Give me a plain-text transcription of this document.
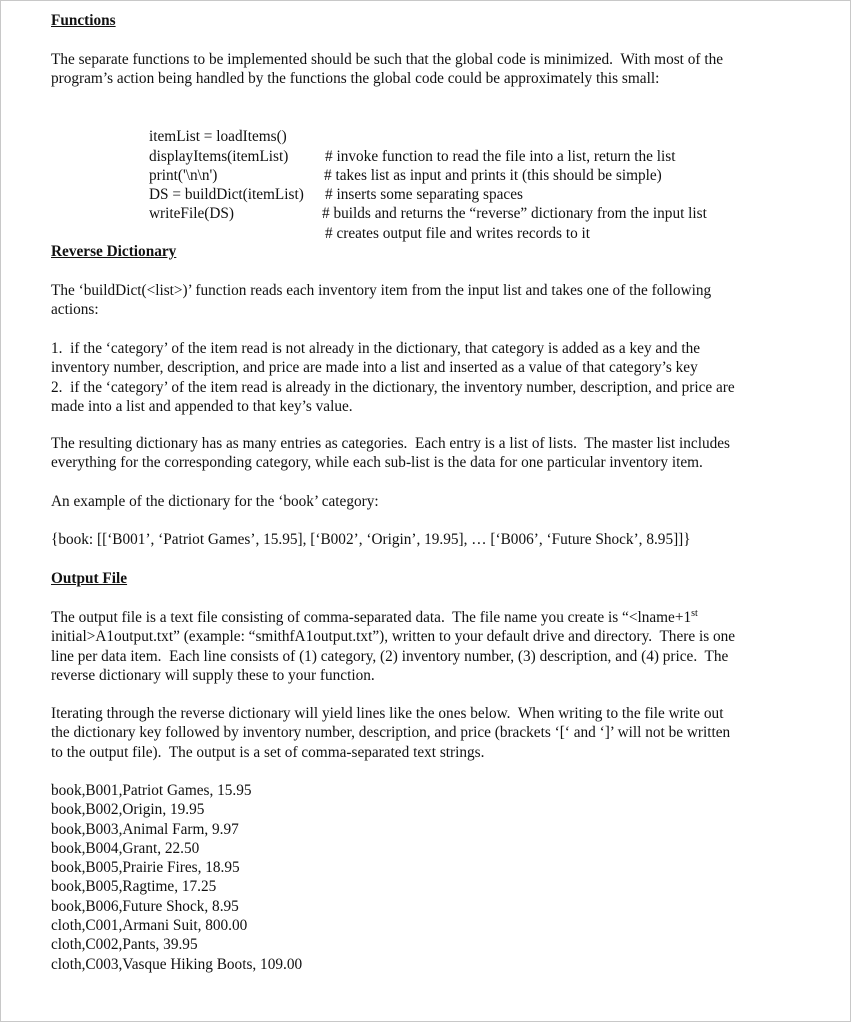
Functions

The separate functions to be implemented should be such that the global code is minimized.  With most of the
program’s action being handled by the functions the global code could be approximately this small:

itemList = loadItems()

# invoke function to read the file into a list, return the list

displayItems(itemList)

# takes list as input and prints it (this should be simple)

print('\n\n')

# inserts some separating spaces

DS = buildDict(itemList)

# builds and returns the “reverse” dictionary from the input list

writeFile(DS)

# creates output file and writes records to it

Reverse Dictionary

The ‘buildDict(<list>)’ function reads each inventory item from the input list and takes one of the following
actions:

1.  if the ‘category’ of the item read is not already in the dictionary, that category is added as a key and the
inventory number, description, and price are made into a list and inserted as a value of that category’s key
2.  if the ‘category’ of the item read is already in the dictionary, the inventory number, description, and price are
made into a list and appended to that key’s value.

The resulting dictionary has as many entries as categories.  Each entry is a list of lists.  The master list includes
everything for the corresponding category, while each sub-list is the data for one particular inventory item.

An example of the dictionary for the ‘book’ category:

{book: [[‘B001’, ‘Patriot Games’, 15.95], [‘B002’, ‘Origin’, 19.95], … [‘B006’, ‘Future Shock’, 8.95]]}

Output File

The output file is a text file consisting of comma-separated data.  The file name you create is “<lname+1st
initial>A1output.txt” (example: “smithfA1output.txt”), written to your default drive and directory.  There is one
line per data item.  Each line consists of (1) category, (2) inventory number, (3) description, and (4) price.  The
reverse dictionary will supply these to your function.

Iterating through the reverse dictionary will yield lines like the ones below.  When writing to the file write out
the dictionary key followed by inventory number, description, and price (brackets ‘[‘ and ‘]’ will not be written
to the output file).  The output is a set of comma-separated text strings.

book,B001,Patriot Games, 15.95
book,B002,Origin, 19.95
book,B003,Animal Farm, 9.97
book,B004,Grant, 22.50
book,B005,Prairie Fires, 18.95
book,B005,Ragtime, 17.25
book,B006,Future Shock, 8.95
cloth,C001,Armani Suit, 800.00
cloth,C002,Pants, 39.95
cloth,C003,Vasque Hiking Boots, 109.00
